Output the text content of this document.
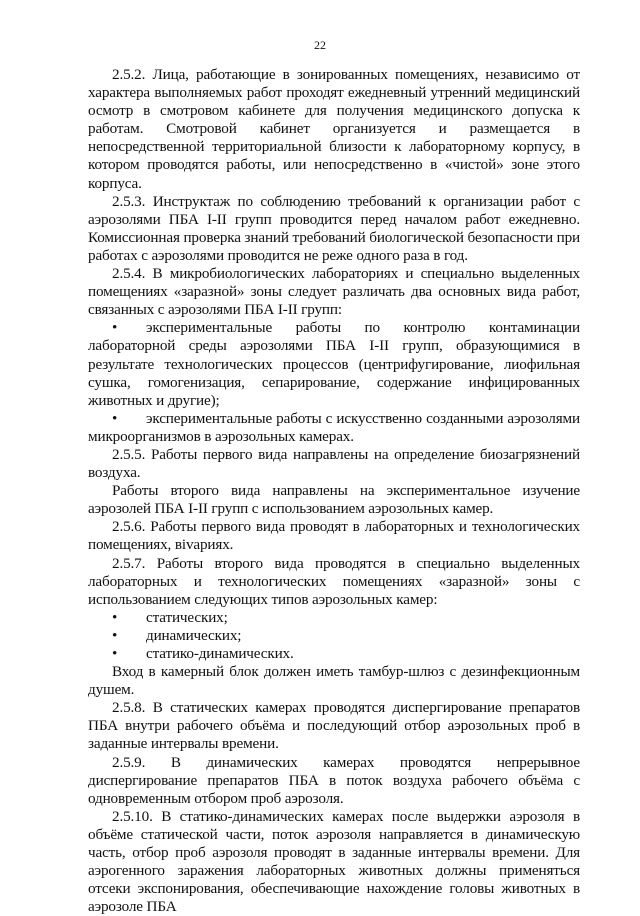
22

2.5.2. Лица, работающие в зонированных помещениях, независимо от характера выполняемых работ проходят ежедневный утренний медицинский осмотр в смотровом кабинете для получения медицинского допуска к работам. Смотровой кабинет организуется и размещается в непосредственной территориальной близости к лабораторному корпусу, в котором проводятся работы, или непосредственно в «чистой» зоне этого корпуса.

2.5.3. Инструктаж по соблюдению требований к организации работ с аэрозолями ПБА I-II групп проводится перед началом работ ежедневно. Комиссионная проверка знаний требований биологической безопасности при работах с аэрозолями проводится не реже одного раза в год.

2.5.4. В микробиологических лабораториях и специально выделенных помещениях «заразной» зоны следует различать два основных вида работ, связанных с аэрозолями ПБА I-II групп:

• экспериментальные работы по контролю контаминации лабораторной среды аэрозолями ПБА I-II групп, образующимися в результате технологических процессов (центрифугирование, лиофильная сушка, гомогенизация, сепарирование, содержание инфицированных животных и другие);

• экспериментальные работы с искусственно созданными аэрозолями микроорганизмов в аэрозольных камерах.

2.5.5. Работы первого вида направлены на определение биозагрязнений воздуха.

Работы второго вида направлены на экспериментальное изучение аэрозолей ПБА I-II групп с использованием аэрозольных камер.

2.5.6. Работы первого вида проводят в лабораторных и технологических помещениях, вivариях.

2.5.7. Работы второго вида проводятся в специально выделенных лабораторных и технологических помещениях «заразной» зоны с использованием следующих типов аэрозольных камер:

• статических;

• динамических;

• статико-динамических.

Вход в камерный блок должен иметь тамбур-шлюз с дезинфекционным душем.

2.5.8. В статических камерах проводятся диспергирование препаратов ПБА внутри рабочего объёма и последующий отбор аэрозольных проб в заданные интервалы времени.

2.5.9. В динамических камерах проводятся непрерывное диспергирование препаратов ПБА в поток воздуха рабочего объёма с одновременным отбором проб аэрозоля.

2.5.10. В статико-динамических камерах после выдержки аэрозоля в объёме статической части, поток аэрозоля направляется в динамическую часть, отбор проб аэрозоля проводят в заданные интервалы времени. Для аэрогенного заражения лабораторных животных должны применяться отсеки экспонирования, обеспечивающие нахождение головы животных в аэрозоле ПБА
